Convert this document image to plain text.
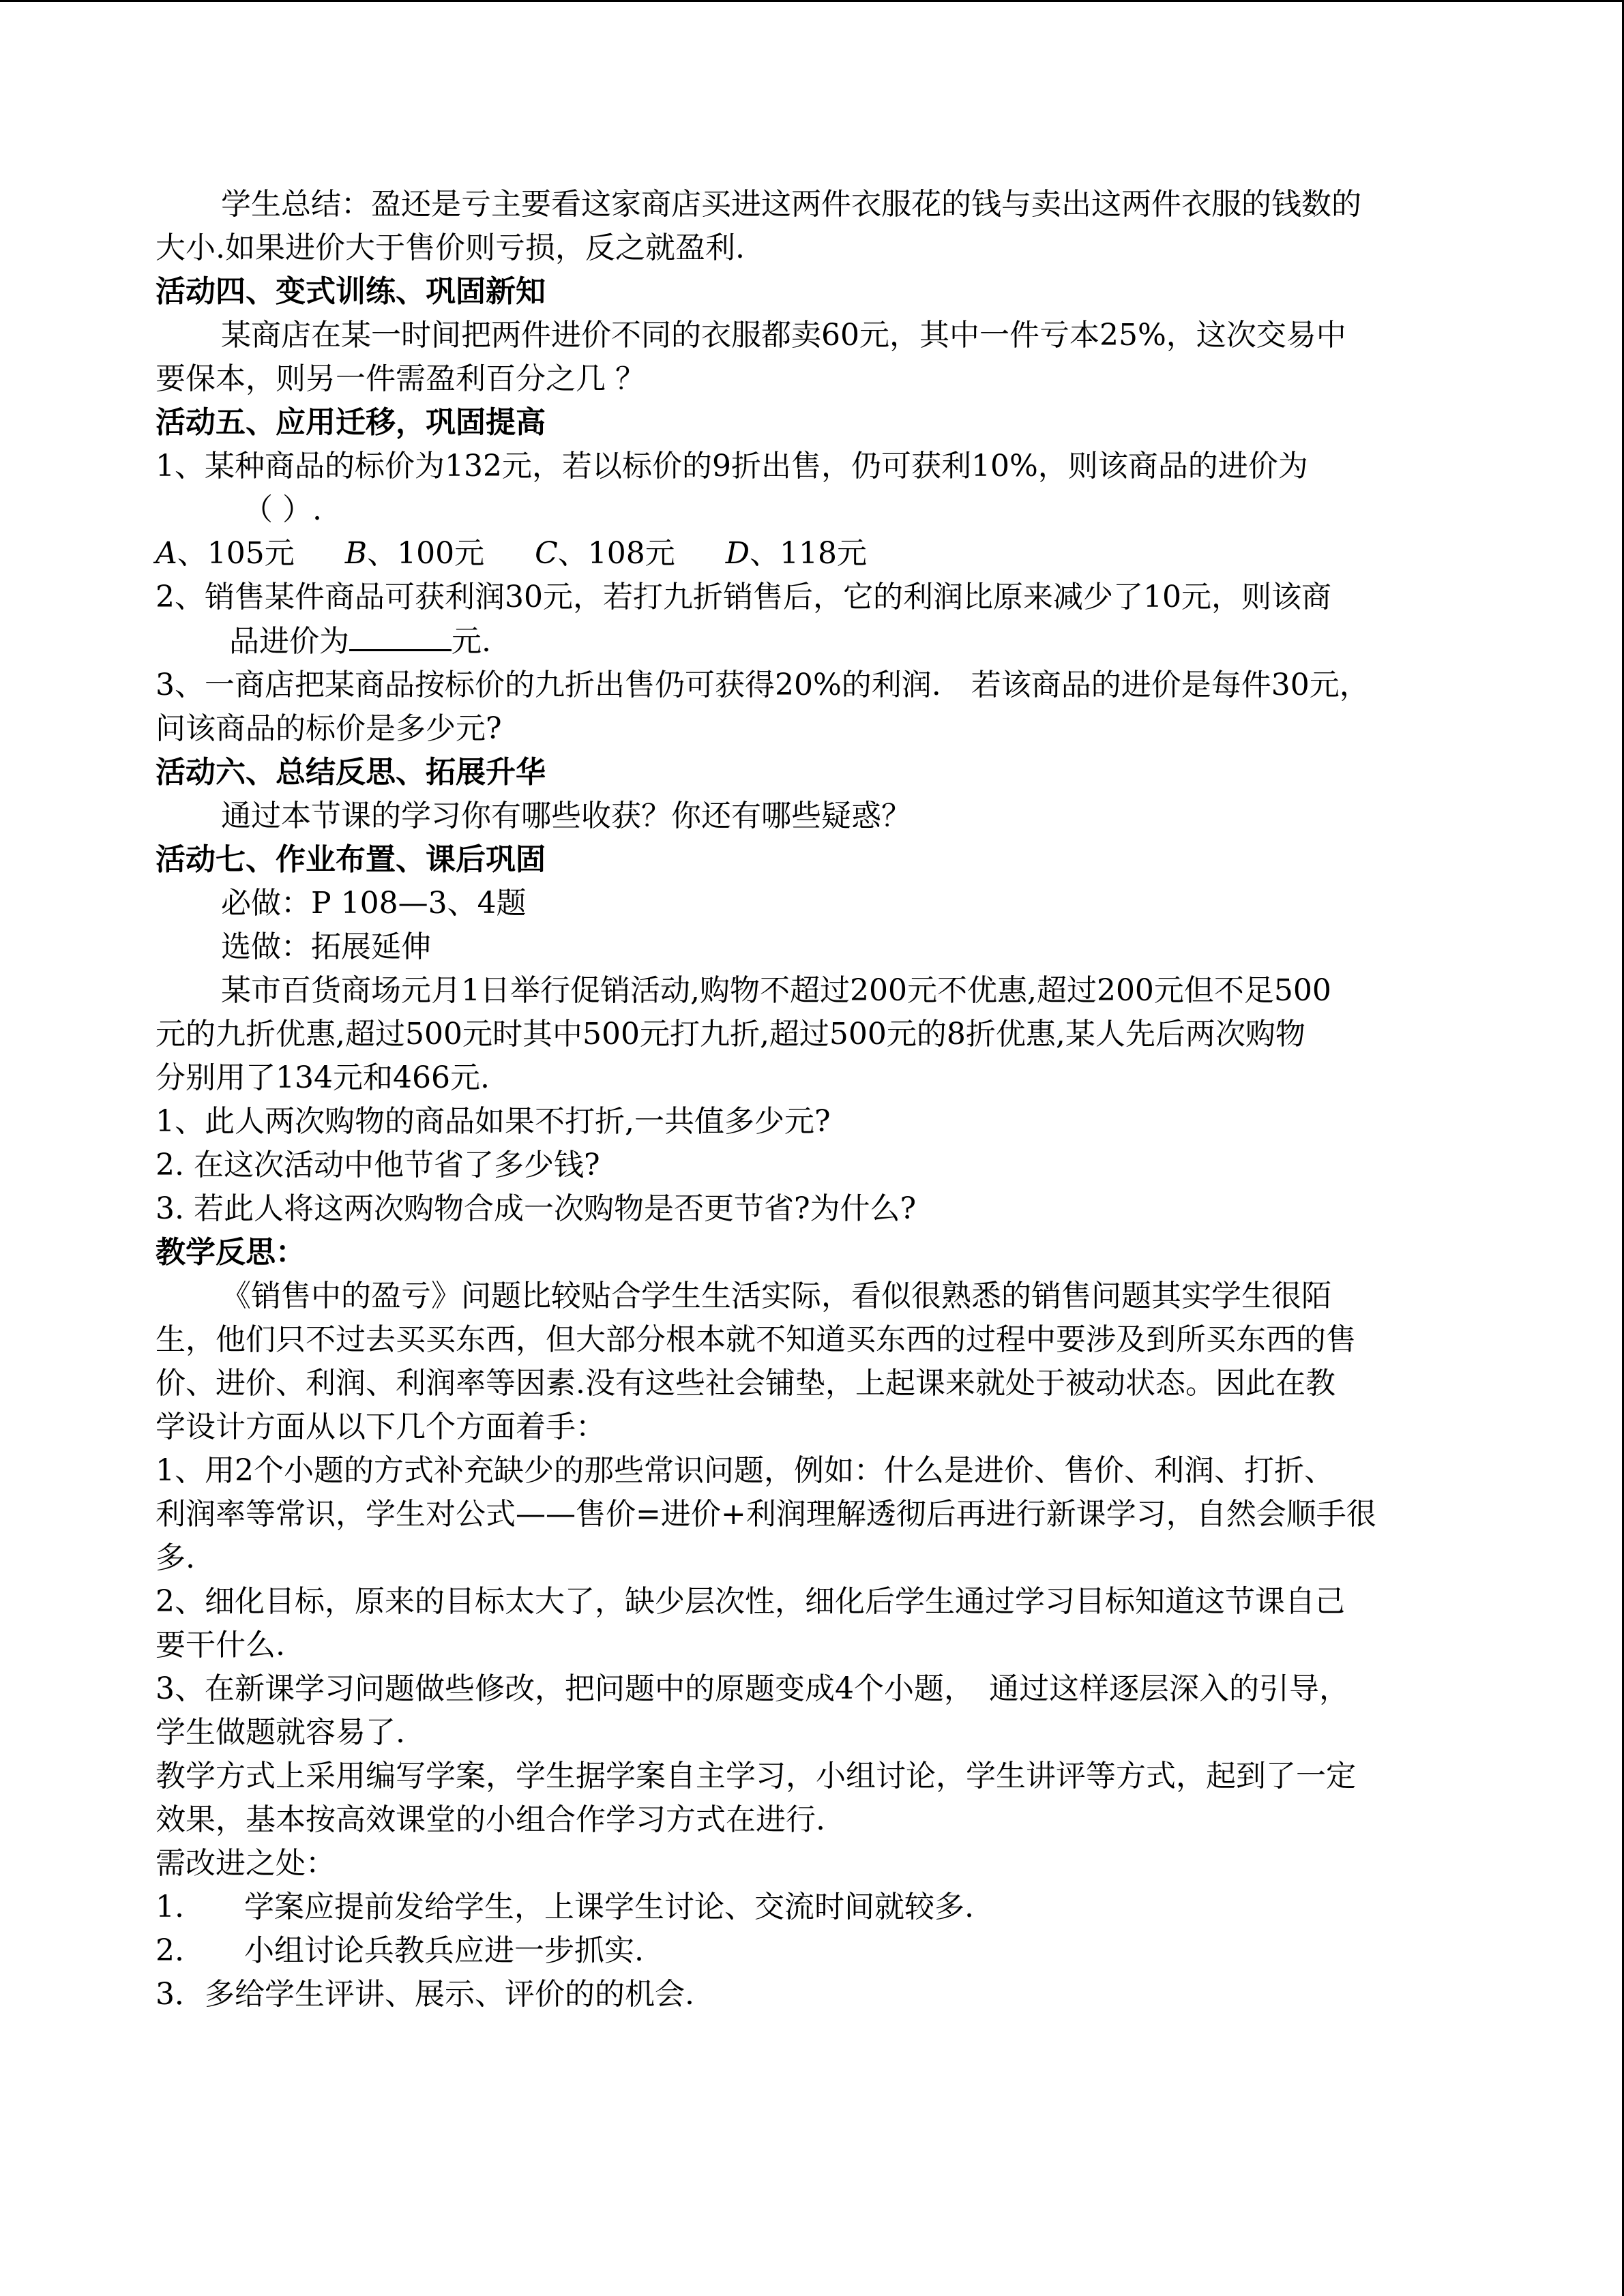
学生总结：盈还是亏主要看这家商店买进这两件衣服花的钱与卖出这两件衣服的钱数的
大小.如果进价大于售价则亏损，反之就盈利.
活动四、变式训练、巩固新知
某商店在某一时间把两件进价不同的衣服都卖60元，其中一件亏本25%，这次交易中
要保本，则另一件需盈利百分之几 ？
活动五、应用迁移，巩固提高
1、某种商品的标价为132元，若以标价的9折出售，仍可获利10%，则该商品的进价为
（ ）.
A、105元 B、100元 C、108元 D、118元
2、销售某件商品可获利润30元，若打九折销售后，它的利润比原来减少了10元，则该商
品进价为	元.
3、一商店把某商品按标价的九折出售仍可获得20%的利润.　若该商品的进价是每件30元，
问该商品的标价是多少元?
活动六、总结反思、拓展升华
通过本节课的学习你有哪些收获？你还有哪些疑惑？
活动七、作业布置、课后巩固
必做：P 108—3、4题
选做：拓展延伸
某市百货商场元月1日举行促销活动,购物不超过200元不优惠,超过200元但不足500
元的九折优惠,超过500元时其中500元打九折,超过500元的8折优惠,某人先后两次购物
分别用了134元和466元.
1、此人两次购物的商品如果不打折,一共值多少元?
2. 在这次活动中他节省了多少钱?
3. 若此人将这两次购物合成一次购物是否更节省?为什么?
教学反思：
《销售中的盈亏》问题比较贴合学生生活实际，看似很熟悉的销售问题其实学生很陌
生，他们只不过去买买东西，但大部分根本就不知道买东西的过程中要涉及到所买东西的售
价、进价、利润、利润率等因素.没有这些社会铺垫，上起课来就处于被动状态。因此在教
学设计方面从以下几个方面着手：
1、用2个小题的方式补充缺少的那些常识问题，例如：什么是进价、售价、利润、打折、
利润率等常识，学生对公式——售价=进价+利润理解透彻后再进行新课学习，自然会顺手很
多.
2、细化目标，原来的目标太大了，缺少层次性，细化后学生通过学习目标知道这节课自己
要干什么.
3、在新课学习问题做些修改，把问题中的原题变成4个小题，　通过这样逐层深入的引导，
学生做题就容易了.
教学方式上采用编写学案，学生据学案自主学习，小组讨论，学生讲评等方式，起到了一定
效果，基本按高效课堂的小组合作学习方式在进行.
需改进之处：
1.　　学案应提前发给学生，上课学生讨论、交流时间就较多.
2.　　小组讨论兵教兵应进一步抓实.
3．多给学生评讲、展示、评价的的机会.
